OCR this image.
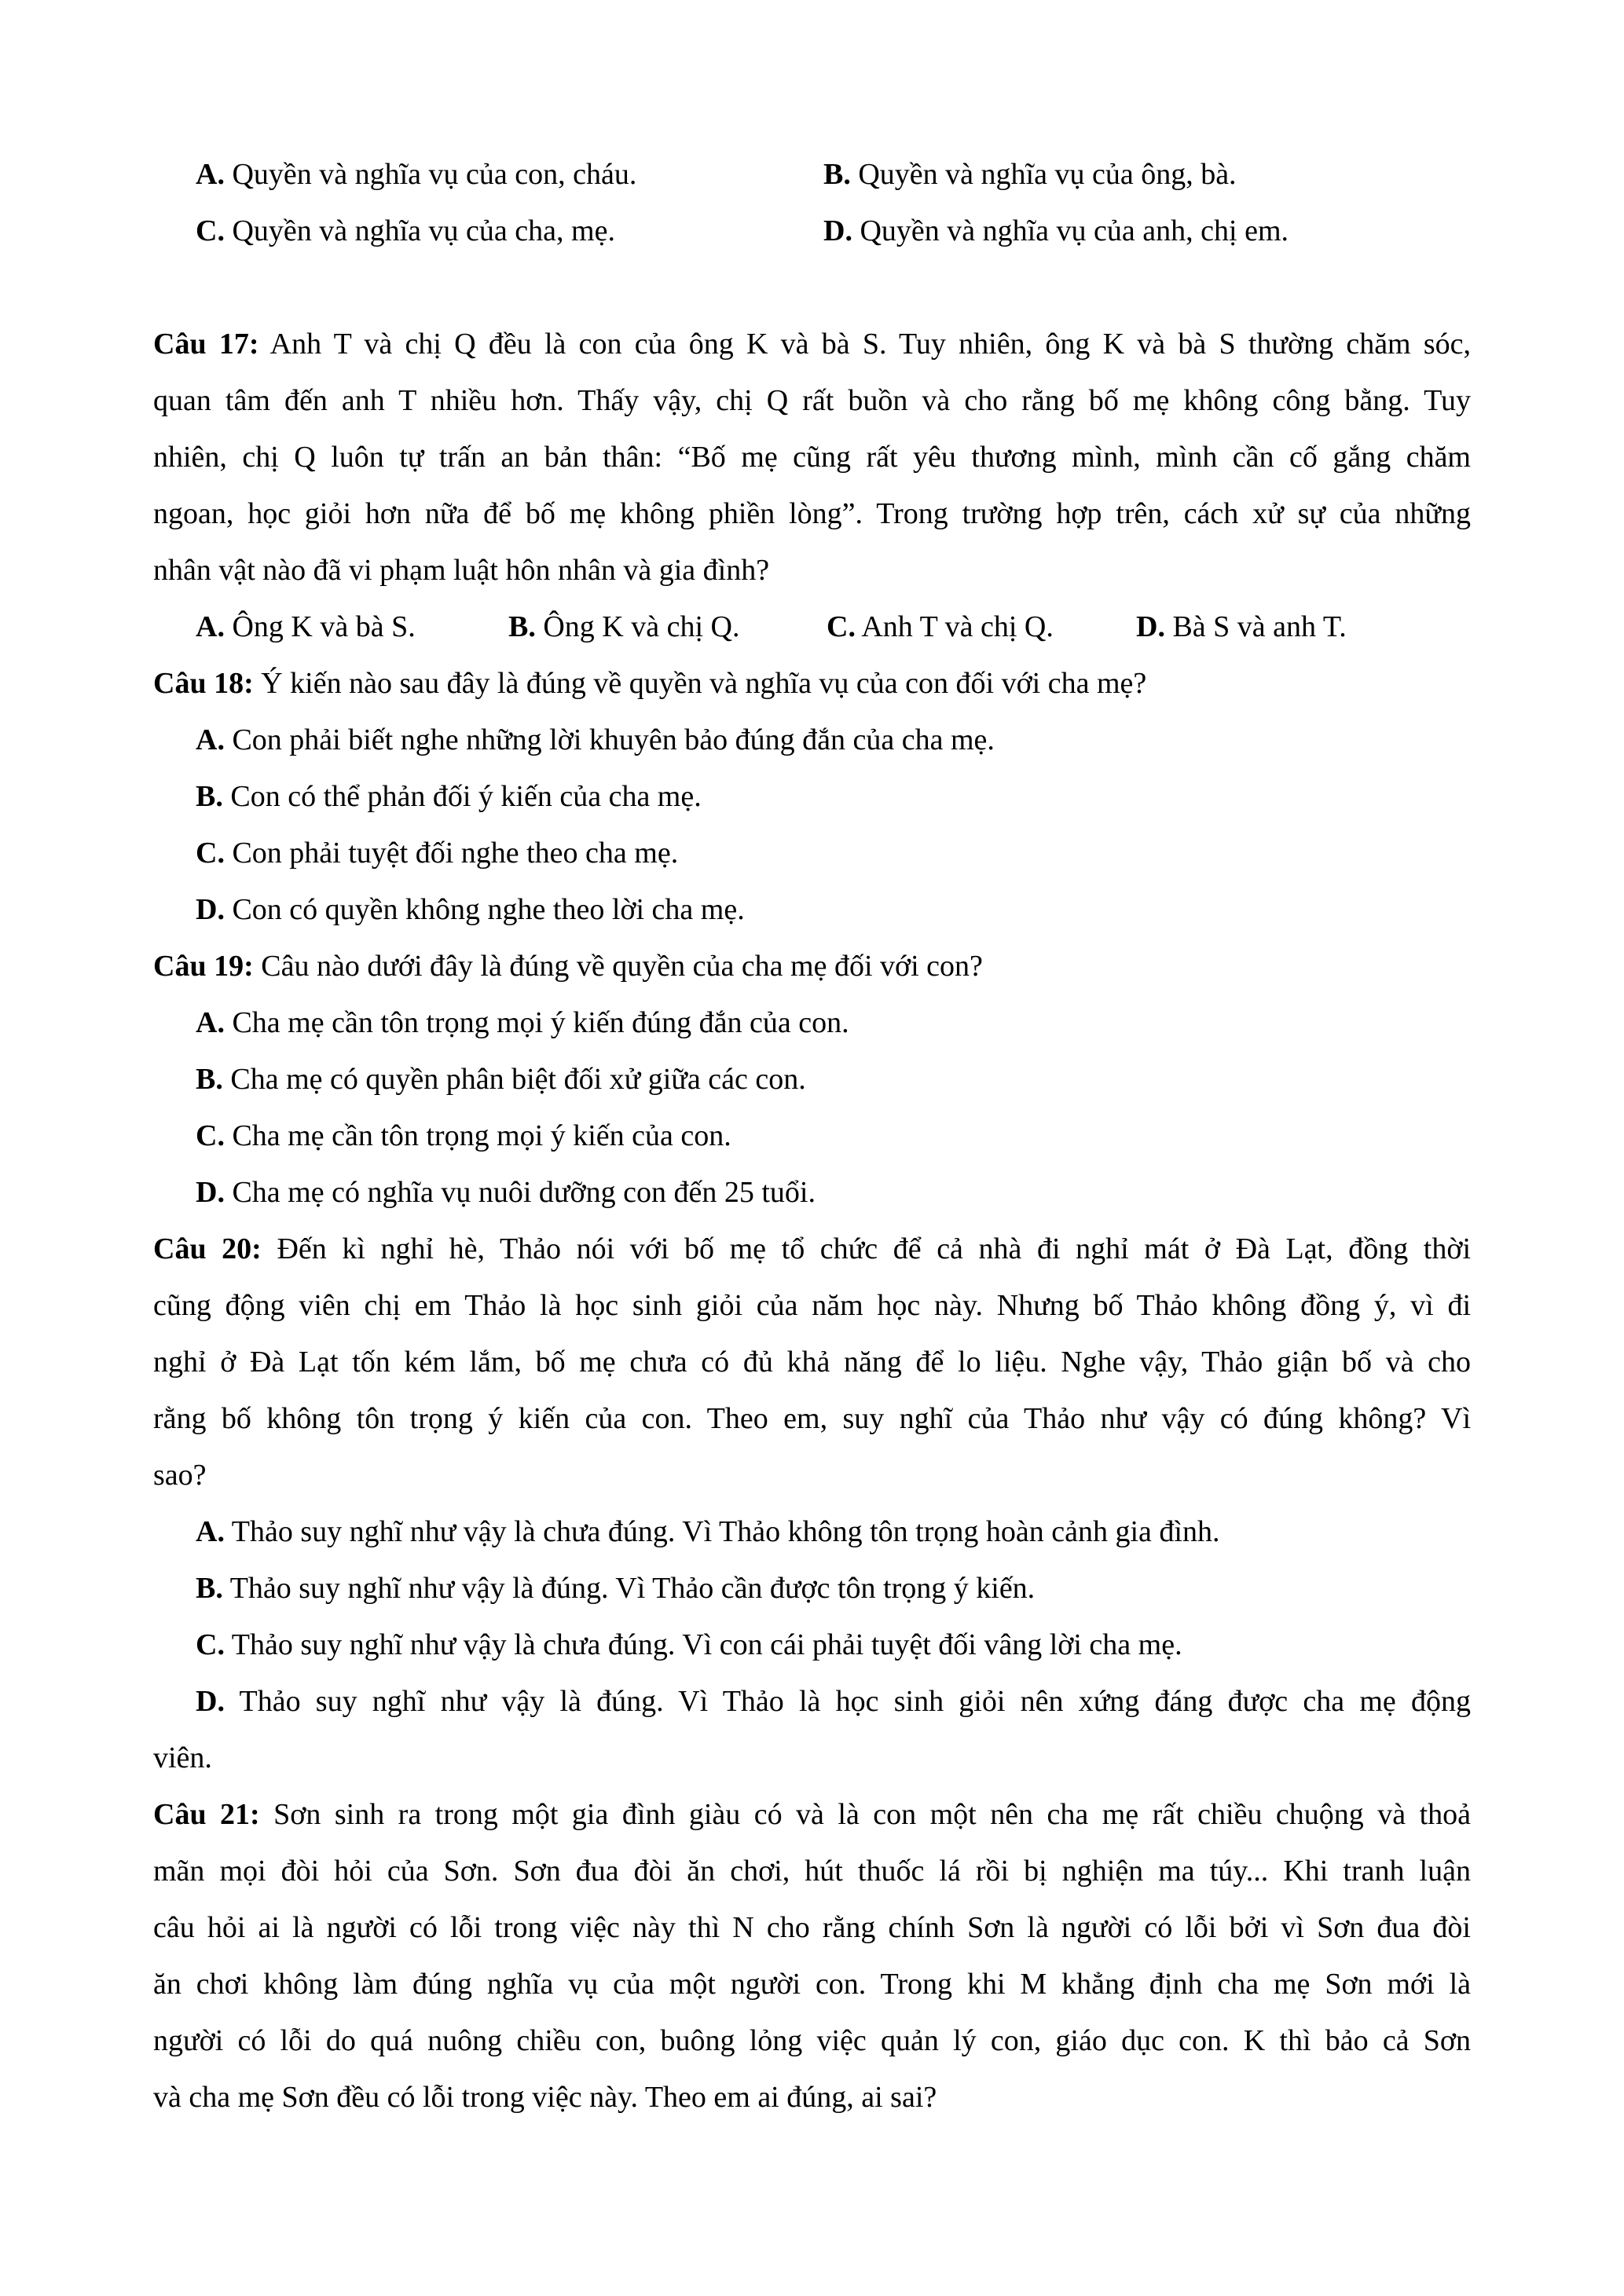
A. Quyền và nghĩa vụ của con, cháu.	B. Quyền và nghĩa vụ của ông, bà.
C. Quyền và nghĩa vụ của cha, mẹ.	D. Quyền và nghĩa vụ của anh, chị em.
Câu 17: Anh T và chị Q đều là con của ông K và bà S. Tuy nhiên, ông K và bà S thường chăm sóc,
quan tâm đến anh T nhiều hơn. Thấy vậy, chị Q rất buồn và cho rằng bố mẹ không công bằng. Tuy
nhiên, chị Q luôn tự trấn an bản thân: “Bố mẹ cũng rất yêu thương mình, mình cần cố gắng chăm
ngoan, học giỏi hơn nữa để bố mẹ không phiền lòng”. Trong trường hợp trên, cách xử sự của những
nhân vật nào đã vi phạm luật hôn nhân và gia đình?
A. Ông K và bà S.	B. Ông K và chị Q.	C. Anh T và chị Q.	D. Bà S và anh T.
Câu 18: Ý kiến nào sau đây là đúng về quyền và nghĩa vụ của con đối với cha mẹ?
A. Con phải biết nghe những lời khuyên bảo đúng đắn của cha mẹ.
B. Con có thể phản đối ý kiến của cha mẹ.
C. Con phải tuyệt đối nghe theo cha mẹ.
D. Con có quyền không nghe theo lời cha mẹ.
Câu 19: Câu nào dưới đây là đúng về quyền của cha mẹ đối với con?
A. Cha mẹ cần tôn trọng mọi ý kiến đúng đắn của con.
B. Cha mẹ có quyền phân biệt đối xử giữa các con.
C. Cha mẹ cần tôn trọng mọi ý kiến của con.
D. Cha mẹ có nghĩa vụ nuôi dưỡng con đến 25 tuổi.
Câu 20: Đến kì nghỉ hè, Thảo nói với bố mẹ tổ chức để cả nhà đi nghỉ mát ở Đà Lạt, đồng thời
cũng động viên chị em Thảo là học sinh giỏi của năm học này. Nhưng bố Thảo không đồng ý, vì đi
nghỉ ở Đà Lạt tốn kém lắm, bố mẹ chưa có đủ khả năng để lo liệu. Nghe vậy, Thảo giận bố và cho
rằng bố không tôn trọng ý kiến của con. Theo em, suy nghĩ của Thảo như vậy có đúng không? Vì
sao?
A. Thảo suy nghĩ như vậy là chưa đúng. Vì Thảo không tôn trọng hoàn cảnh gia đình.
B. Thảo suy nghĩ như vậy là đúng. Vì Thảo cần được tôn trọng ý kiến.
C. Thảo suy nghĩ như vậy là chưa đúng. Vì con cái phải tuyệt đối vâng lời cha mẹ.
D. Thảo suy nghĩ như vậy là đúng. Vì Thảo là học sinh giỏi nên xứng đáng được cha mẹ động
viên.
Câu 21: Sơn sinh ra trong một gia đình giàu có và là con một nên cha mẹ rất chiều chuộng và thoả
mãn mọi đòi hỏi của Sơn. Sơn đua đòi ăn chơi, hút thuốc lá rồi bị nghiện ma túy... Khi tranh luận
câu hỏi ai là người có lỗi trong việc này thì N cho rằng chính Sơn là người có lỗi bởi vì Sơn đua đòi
ăn chơi không làm đúng nghĩa vụ của một người con. Trong khi M khẳng định cha mẹ Sơn mới là
người có lỗi do quá nuông chiều con, buông lỏng việc quản lý con, giáo dục con. K thì bảo cả Sơn
và cha mẹ Sơn đều có lỗi trong việc này. Theo em ai đúng, ai sai?
